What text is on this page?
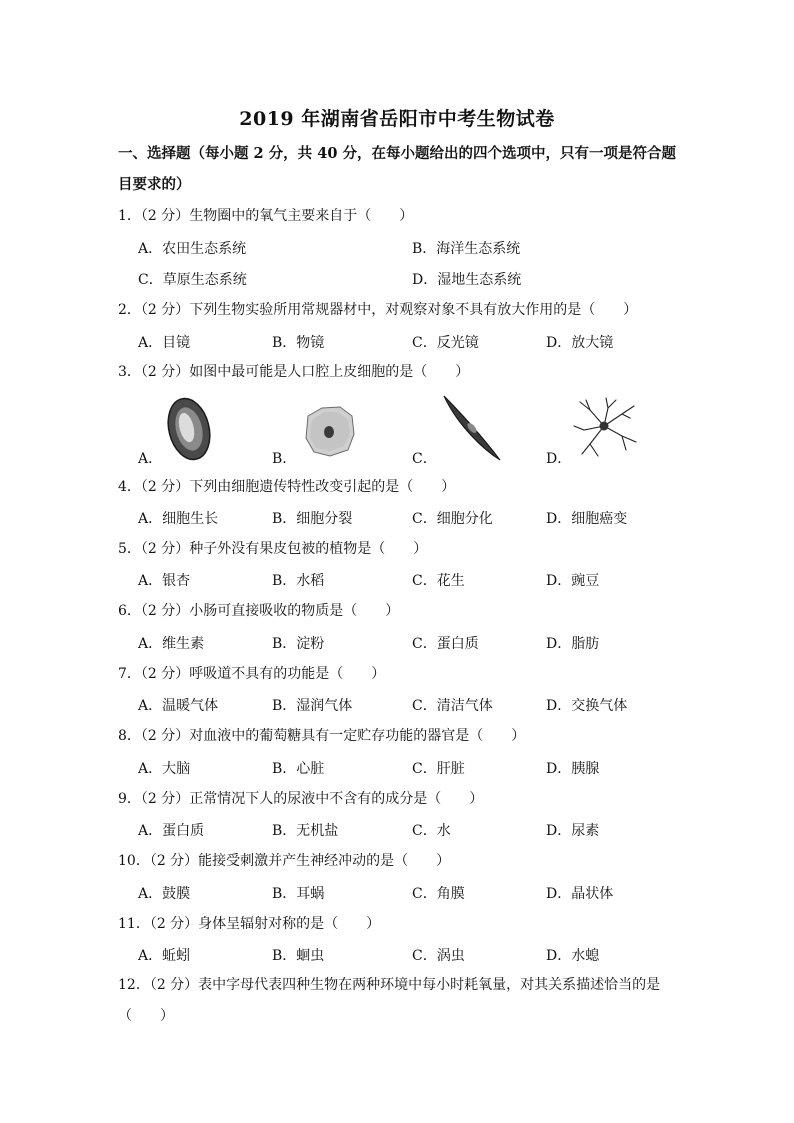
2019 年湖南省岳阳市中考生物试卷
一、选择题（每小题 2 分，共 40 分，在每小题给出的四个选项中，只有一项是符合题目要求的）
1．（2 分）生物圈中的氧气主要来自于（　　）
A．农田生态系统	B．海洋生态系统
C．草原生态系统	D．湿地生态系统
2．（2 分）下列生物实验所用常规器材中，对观察对象不具有放大作用的是（　　）
A．目镜	B．物镜	C．反光镜	D．放大镜
3．（2 分）如图中最可能是人口腔上皮细胞的是（　　）
A．	B．	C．	D．
4．（2 分）下列由细胞遗传特性改变引起的是（　　）
A．细胞生长	B．细胞分裂	C．细胞分化	D．细胞癌变
5．（2 分）种子外没有果皮包被的植物是（　　）
A．银杏	B．水稻	C．花生	D．豌豆
6．（2 分）小肠可直接吸收的物质是（　　）
A．维生素	B．淀粉	C．蛋白质	D．脂肪
7．（2 分）呼吸道不具有的功能是（　　）
A．温暖气体	B．湿润气体	C．清洁气体	D．交换气体
8．（2 分）对血液中的葡萄糖具有一定贮存功能的器官是（　　）
A．大脑	B．心脏	C．肝脏	D．胰腺
9．（2 分）正常情况下人的尿液中不含有的成分是（　　）
A．蛋白质	B．无机盐	C．水	D．尿素
10．（2 分）能接受刺激并产生神经冲动的是（　　）
A．鼓膜	B．耳蜗	C．角膜	D．晶状体
11．（2 分）身体呈辐射对称的是（　　）
A．蚯蚓	B．蛔虫	C．涡虫	D．水螅
12．（2 分）表中字母代表四种生物在两种环境中每小时耗氧量，对其关系描述恰当的是（　　）
